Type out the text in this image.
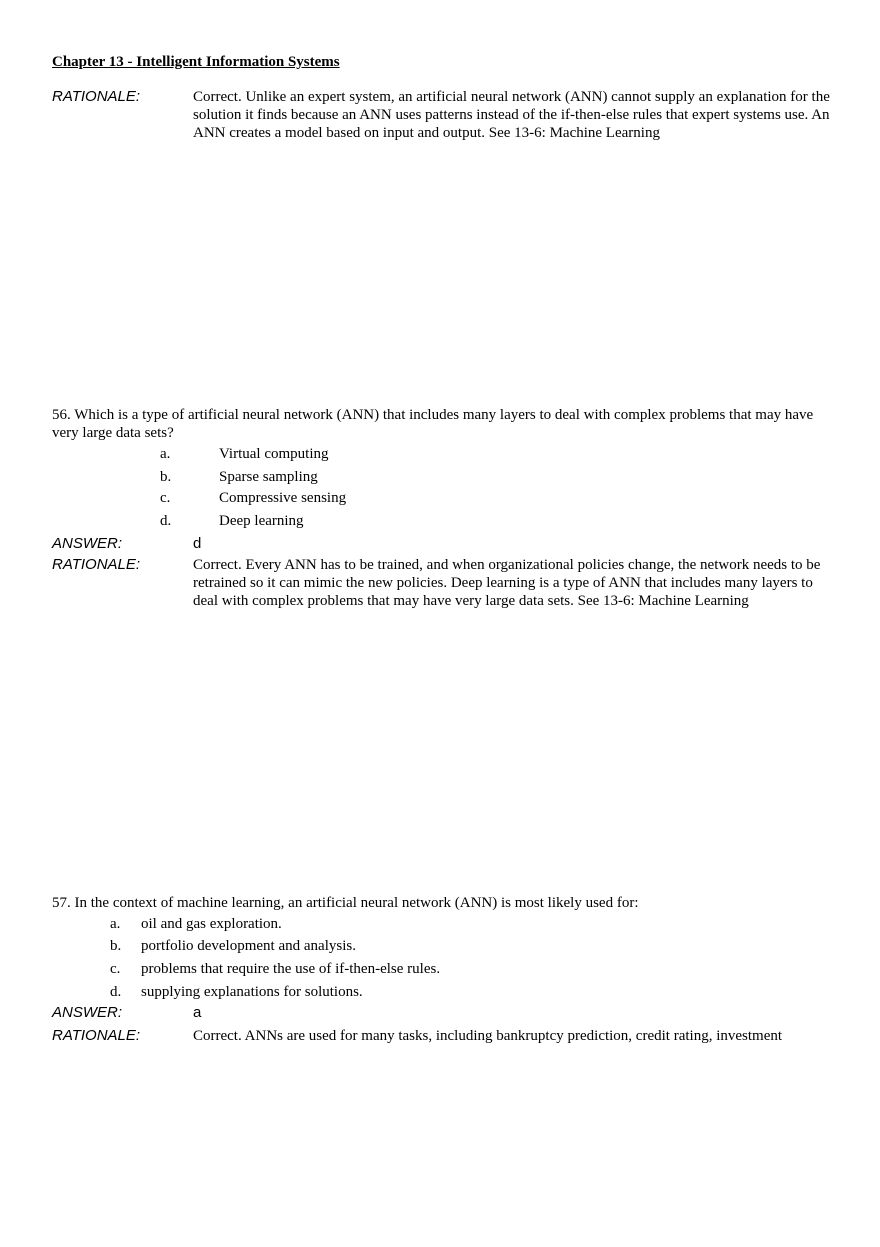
Chapter 13 - Intelligent Information Systems
RATIONALE:	Correct. Unlike an expert system, an artificial neural network (ANN) cannot supply an explanation for the solution it finds because an ANN uses patterns instead of the if-then-else rules that expert systems use. An ANN creates a model based on input and output. See 13-6: Machine Learning
56. Which is a type of artificial neural network (ANN) that includes many layers to deal with complex problems that may have very large data sets?
a.	Virtual computing
b.	Sparse sampling
c.	Compressive sensing
d.	Deep learning
ANSWER:	d
RATIONALE:	Correct. Every ANN has to be trained, and when organizational policies change, the network needs to be retrained so it can mimic the new policies. Deep learning is a type of ANN that includes many layers to deal with complex problems that may have very large data sets. See 13-6: Machine Learning
57. In the context of machine learning, an artificial neural network (ANN) is most likely used for:
a. oil and gas exploration.
b. portfolio development and analysis.
c. problems that require the use of if-then-else rules.
d. supplying explanations for solutions.
ANSWER:	a
RATIONALE:	Correct. ANNs are used for many tasks, including bankruptcy prediction, credit rating, investment
